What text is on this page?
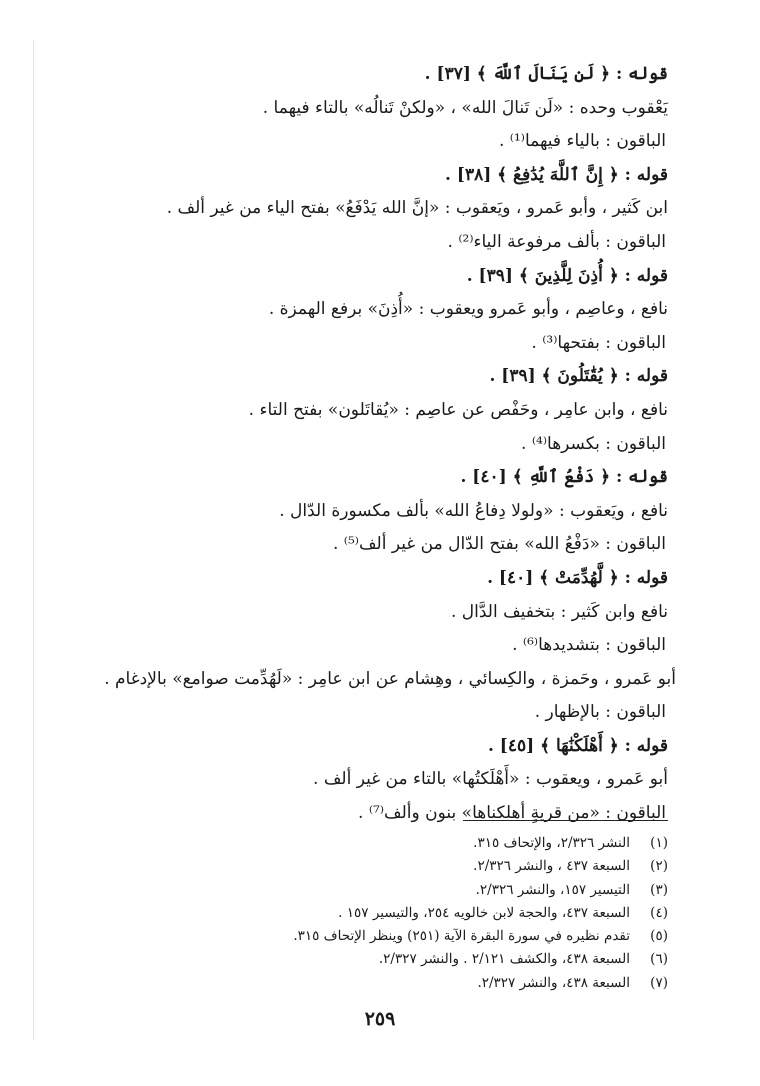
قوله : ﴿ لَن يَنَالَ ٱللَّهَ ﴾ [٣٧] .
يَعْقوب وحده : «لَن تَنالَ الله» ، «ولكنْ تَنالُه» بالتاء فيهما .
الباقون : بالياء فيهما⁽¹⁾ .
قوله : ﴿ إِنَّ ٱللَّهَ يُدَٰفِعُ ﴾ [٣٨] .
ابن كَثير ، وأبو عَمرو ، ويَعقوب : «إنَّ الله يَدْفَعُ» بفتح الياء من غير ألف .
الباقون : بألف مرفوعة الياء⁽²⁾ .
قوله : ﴿ أُذِنَ لِلَّذِينَ ﴾ [٣٩] .
نافع ، وعاصِم ، وأبو عَمرو ويعقوب : «أُذِنَ» برفع الهمزة .
الباقون : بفتحها⁽³⁾ .
قوله : ﴿ يُقَٰتَلُونَ ﴾ [٣٩] .
نافع ، وابن عامِر ، وحَفْص عن عاصِم : «يُقاتَلون» بفتح التاء .
الباقون : بكسرها⁽⁴⁾ .
قوله : ﴿ دَفْعُ ٱللَّهِ ﴾ [٤٠] .
نافع ، ويَعقوب : «ولولا دِفاعُ الله» بألف مكسورة الدّال .
الباقون : «دَفْعُ الله» بفتح الدّال من غير ألف⁽⁵⁾ .
قوله : ﴿ لَّهُدِّمَتْ ﴾ [٤٠] .
نافع وابن كَثير : بتخفيف الدَّال .
الباقون : بتشديدها⁽⁶⁾ .
أبو عَمرو ، وحَمزة ، والكِسائي ، وهِشام عن ابن عامِر : «لَهُدِّمت صوامع» بالإدغام .
الباقون : بالإظهار .
قوله : ﴿ أَهْلَكْنَٰهَا ﴾ [٤٥] .
أبو عَمرو ، ويعقوب : «أَهْلَكتُها» بالتاء من غير ألف .
الباقون : «من قريةٍ أهلكناها» بنون وألف⁽⁷⁾ .
(١)النشر ٢/٣٢٦، والإتحاف ٣١٥.
(٢)السبعة ٤٣٧ ، والنشر ٢/٣٢٦.
(٣)التيسير ١٥٧، والنشر ٢/٣٢٦.
(٤)السبعة ٤٣٧، والحجة لابن خالويه ٢٥٤، والتيسير ١٥٧ .
(٥)تقدم نظيره في سورة البقرة الآية (٢٥١) وينظر الإتحاف ٣١٥.
(٦)السبعة ٤٣٨، والكشف ٢/١٢١ . والنشر ٢/٣٢٧.
(٧)السبعة ٤٣٨، والنشر ٢/٣٢٧.
٢٥٩
